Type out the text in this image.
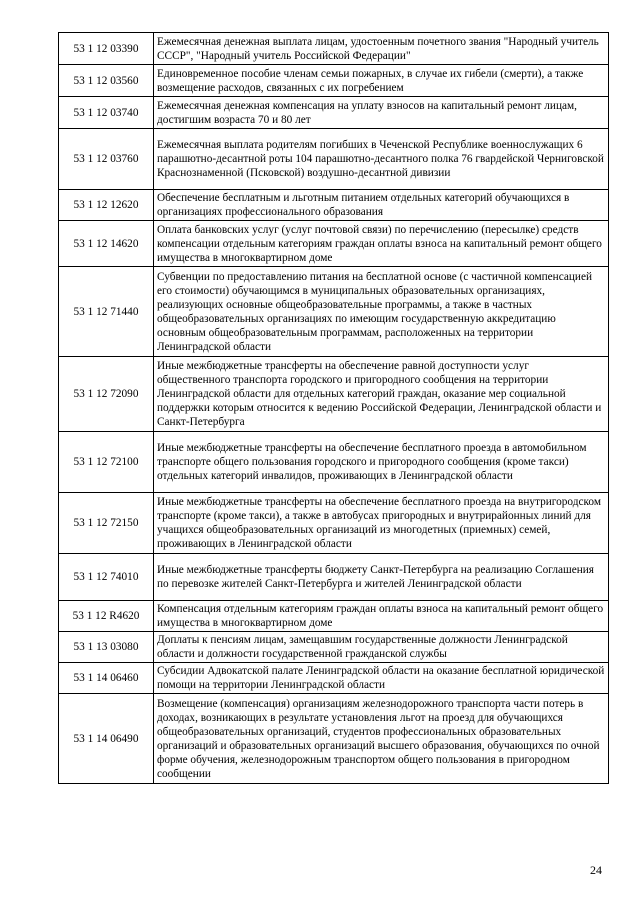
53 1 12 03390	Ежемесячная денежная выплата лицам, удостоенным почетного звания "Народный учитель СССР", "Народный учитель Российской Федерации"
53 1 12 03560	Единовременное пособие членам семьи пожарных, в случае их гибели (смерти), а также возмещение расходов, связанных с их погребением
53 1 12 03740	Ежемесячная денежная компенсация на уплату взносов на капитальный ремонт лицам, достигшим возраста 70 и 80 лет
53 1 12 03760	Ежемесячная выплата родителям погибших в Чеченской Республике военнослужащих 6 парашютно-десантной роты 104 парашютно-десантного полка 76 гвардейской Черниговской Краснознаменной (Псковской) воздушно-десантной дивизии
53 1 12 12620	Обеспечение бесплатным и льготным питанием отдельных категорий обучающихся в организациях профессионального образования
53 1 12 14620	Оплата банковских услуг (услуг почтовой связи) по перечислению (пересылке) средств компенсации отдельным категориям граждан оплаты взноса на капитальный ремонт общего имущества в многоквартирном доме
53 1 12 71440	Субвенции по предоставлению питания на бесплатной основе (с частичной компенсацией его стоимости) обучающимся в муниципальных образовательных организациях, реализующих основные общеобразовательные программы, а также в частных общеобразовательных организациях по имеющим государственную аккредитацию основным общеобразовательным программам, расположенных на территории Ленинградской области
53 1 12 72090	Иные межбюджетные трансферты на обеспечение равной доступности услуг общественного транспорта городского и пригородного сообщения на территории Ленинградской области для отдельных категорий граждан, оказание мер социальной поддержки которым относится к ведению Российской Федерации, Ленинградской области и Санкт-Петербурга
53 1 12 72100	Иные межбюджетные трансферты на обеспечение бесплатного проезда в автомобильном транспорте общего пользования городского и пригородного сообщения (кроме такси) отдельных категорий инвалидов, проживающих в Ленинградской области
53 1 12 72150	Иные межбюджетные трансферты на обеспечение бесплатного проезда на внутригородском транспорте (кроме такси), а также в автобусах пригородных и внутрирайонных линий для учащихся общеобразовательных организаций из многодетных (приемных) семей, проживающих в Ленинградской области
53 1 12 74010	Иные межбюджетные трансферты бюджету Санкт-Петербурга на реализацию Соглашения по перевозке жителей Санкт-Петербурга и жителей Ленинградской области
53 1 12 R4620	Компенсация отдельным категориям граждан оплаты взноса на капитальный ремонт общего имущества в многоквартирном доме
53 1 13 03080	Доплаты к пенсиям лицам, замещавшим государственные должности Ленинградской области и должности государственной гражданской службы
53 1 14 06460	Субсидии Адвокатской палате Ленинградской области на оказание бесплатной юридической помощи на территории Ленинградской области
53 1 14 06490	Возмещение (компенсация) организациям железнодорожного транспорта части потерь в доходах, возникающих в результате установления льгот на проезд для обучающихся общеобразовательных организаций, студентов профессиональных образовательных организаций и образовательных организаций высшего образования, обучающихся по очной форме обучения, железнодорожным транспортом общего пользования в пригородном сообщении
24
